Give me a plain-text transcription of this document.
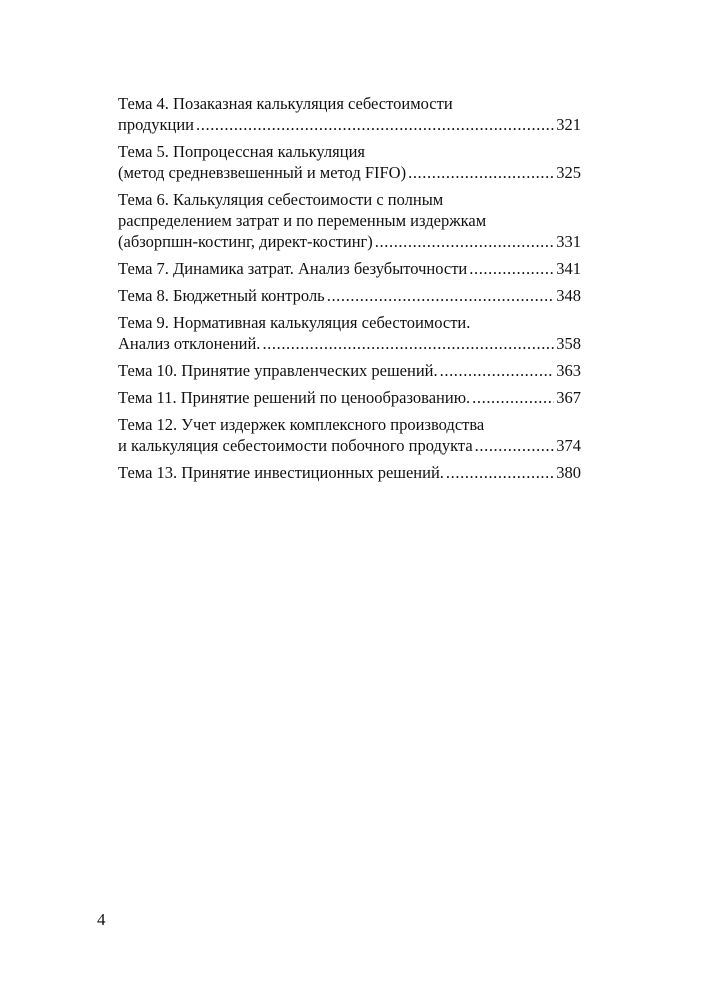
Тема 4. Позаказная калькуляция себестоимости
продукции .....	321
Тема 5. Попроцессная калькуляция
(метод средневзвешенный и метод FIFO) .....	325
Тема 6. Калькуляция себестоимости с полным
распределением затрат и по переменным издержкам
(абзорпшн-костинг, директ-костинг) .....	331
Тема 7. Динамика затрат. Анализ безубыточности .....	341
Тема 8. Бюджетный контроль .....	348
Тема 9. Нормативная калькуляция себестоимости.
Анализ отклонений. .....	358
Тема 10. Принятие управленческих решений. .....	363
Тема 11. Принятие решений по ценообразованию. .....	367
Тема 12. Учет издержек комплексного производства
и калькуляция себестоимости побочного продукта .....	374
Тема 13. Принятие инвестиционных решений. .....	380
4
